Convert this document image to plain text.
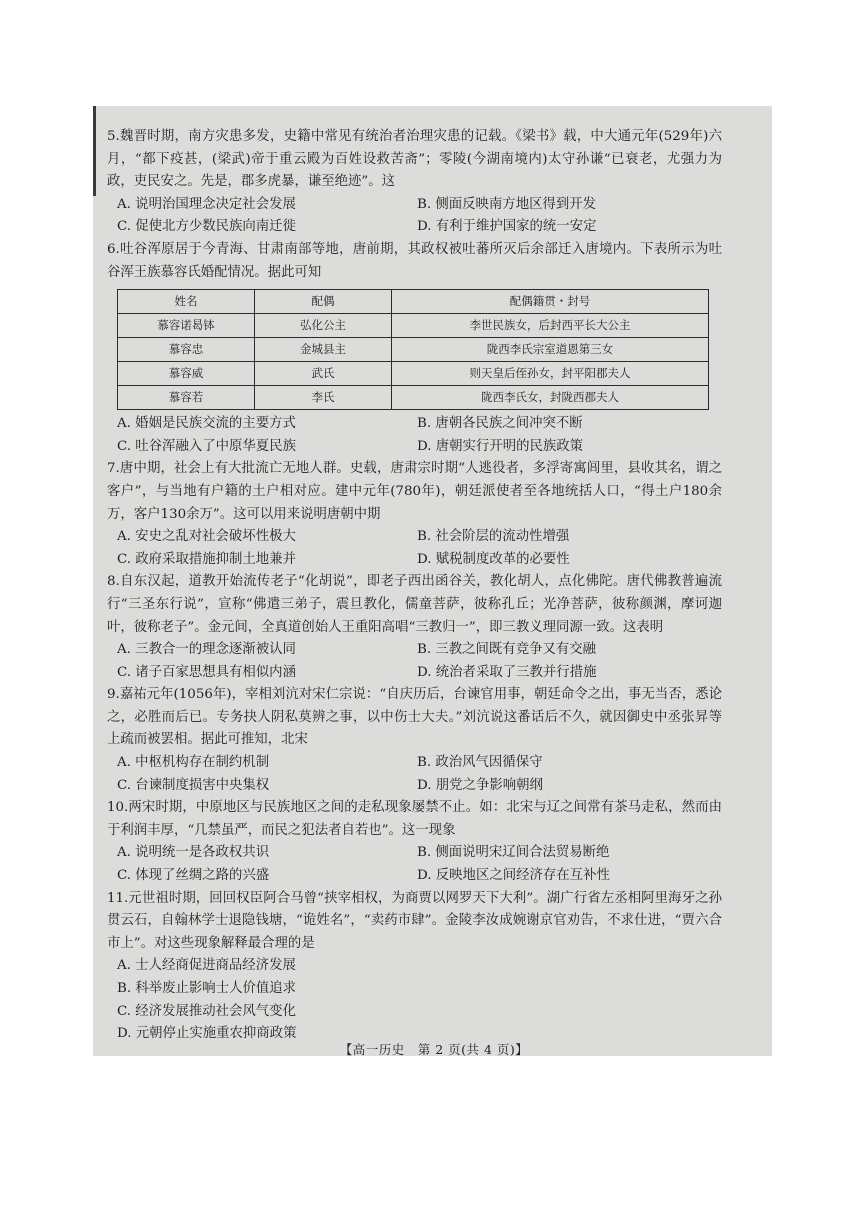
5.魏晋时期，南方灾患多发，史籍中常见有统治者治理灾患的记载。《梁书》载，中大通元年(529年)六月，“都下疫甚，(梁武)帝于重云殿为百姓设救苦斋”；零陵(今湖南境内)太守孙谦“已衰老，尤强力为政，吏民安之。先是，郡多虎暴，谦至绝迹”。这

A. 说明治国理念决定社会发展	B. 侧面反映南方地区得到开发
C. 促使北方少数民族向南迁徙	D. 有利于维护国家的统一安定

6.吐谷浑原居于今青海、甘肃南部等地，唐前期，其政权被吐蕃所灭后余部迁入唐境内。下表所示为吐谷浑王族慕容氏婚配情况。据此可知

姓名	配偶	配偶籍贯・封号
慕容诺曷钵	弘化公主	李世民族女，后封西平长大公主
慕容忠	金城县主	陇西李氏宗室道恩第三女
慕容威	武氏	则天皇后侄孙女，封平阳郡夫人
慕容若	李氏	陇西李氏女，封陇西郡夫人
A. 婚姻是民族交流的主要方式	B. 唐朝各民族之间冲突不断
C. 吐谷浑融入了中原华夏民族	D. 唐朝实行开明的民族政策

7.唐中期，社会上有大批流亡无地人群。史载，唐肃宗时期“人逃役者，多浮寄寓闾里，县收其名，谓之客户”，与当地有户籍的土户相对应。建中元年(780年)，朝廷派使者至各地统括人口，“得土户180余万，客户130余万”。这可以用来说明唐朝中期

A. 安史之乱对社会破坏性极大	B. 社会阶层的流动性增强
C. 政府采取措施抑制土地兼并	D. 赋税制度改革的必要性

8.自东汉起，道教开始流传老子“化胡说”，即老子西出函谷关，教化胡人，点化佛陀。唐代佛教普遍流行“三圣东行说”，宣称“佛遣三弟子，震旦教化，儒童菩萨，彼称孔丘；光净菩萨，彼称颜渊，摩诃迦叶，彼称老子”。金元间，全真道创始人王重阳高唱“三教归一”，即三教义理同源一致。这表明

A. 三教合一的理念逐渐被认同	B. 三教之间既有竞争又有交融
C. 诸子百家思想具有相似内涵	D. 统治者采取了三教并行措施

9.嘉祐元年(1056年)，宰相刘沆对宋仁宗说：“自庆历后，台谏官用事，朝廷命令之出，事无当否，悉论之，必胜而后已。专务抉人阴私莫辨之事，以中伤士大夫。”刘沆说这番话后不久，就因御史中丞张昇等上疏而被罢相。据此可推知，北宋

A. 中枢机构存在制约机制	B. 政治风气因循保守
C. 台谏制度损害中央集权	D. 朋党之争影响朝纲

10.两宋时期，中原地区与民族地区之间的走私现象屡禁不止。如：北宋与辽之间常有茶马走私，然而由于利润丰厚，“几禁虽严，而民之犯法者自若也”。这一现象

A. 说明统一是各政权共识	B. 侧面说明宋辽间合法贸易断绝
C. 体现了丝绸之路的兴盛	D. 反映地区之间经济存在互补性

11.元世祖时期，回回权臣阿合马曾“挟宰相权，为商贾以网罗天下大利”。湖广行省左丞相阿里海牙之孙贯云石，自翰林学士退隐钱塘，“诡姓名”，“卖药市肆”。金陵李汝成婉谢京官劝告，不求仕进，“贾六合市上”。对这些现象解释最合理的是

A. 士人经商促进商品经济发展
B. 科举废止影响士人价值追求
C. 经济发展推动社会风气变化
D. 元朝停止实施重农抑商政策
【高一历史　第 2 页(共 4 页)】
